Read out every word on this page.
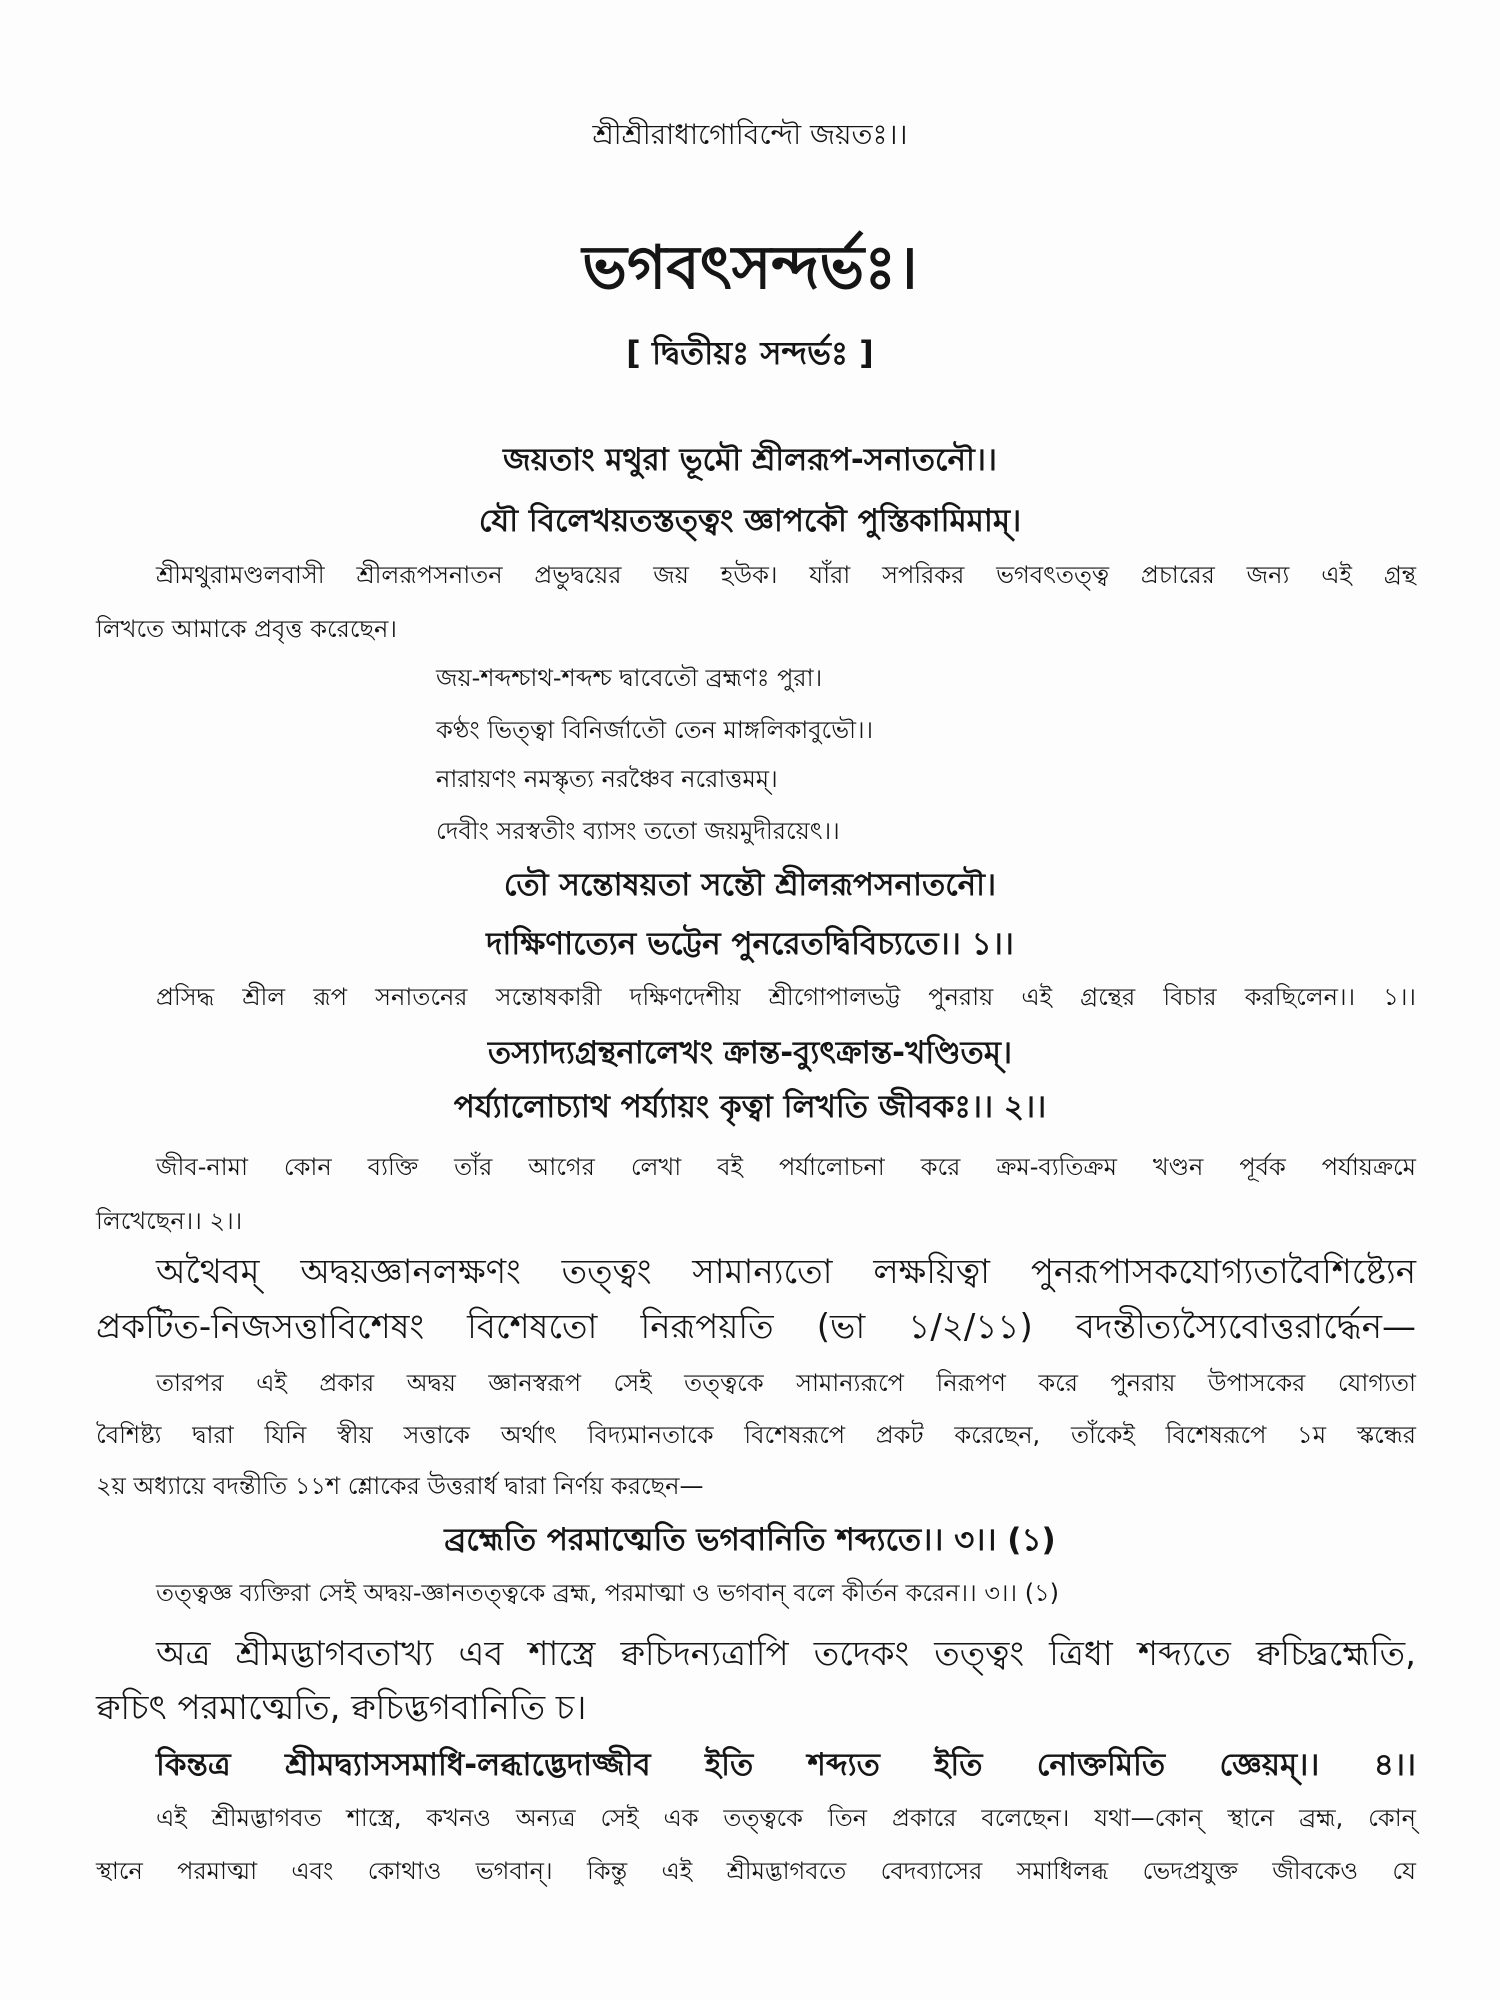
শ্রীশ্রীরাধাগোবিন্দৌ জয়তঃ।।
ভগবৎসন্দর্ভঃ।
[ দ্বিতীয়ঃ সন্দর্ভঃ ]
জয়তাং মথুরা ভূমৌ শ্রীলরূপ-সনাতনৌ।।
যৌ বিলেখয়তস্তত্ত্বং জ্ঞাপকৌ পুস্তিকামিমাম্।
শ্রীমথুরামণ্ডলবাসী শ্রীলরূপসনাতন প্রভুদ্বয়ের জয় হউক। যাঁরা সপরিকর ভগবৎতত্ত্ব প্রচারের জন্য এই গ্রন্থ
লিখতে আমাকে প্রবৃত্ত করেছেন।
জয়-শব্দশ্চাথ-শব্দশ্চ দ্বাবেতৌ ব্রহ্মণঃ পুরা।
কণ্ঠং ভিত্ত্বা বিনির্জাতৌ তেন মাঙ্গলিকাবুভৌ।।
নারায়ণং নমস্কৃত্য নরঞ্চৈব নরোত্তমম্।
দেবীং সরস্বতীং ব্যাসং ততো জয়মুদীরয়েৎ।।
তৌ সন্তোষয়তা সন্তৌ শ্রীলরূপসনাতনৌ।
দাক্ষিণাত্যেন ভট্টেন পুনরেতদ্বিবিচ্যতে।। ১।।
প্রসিদ্ধ শ্রীল রূপ সনাতনের সন্তোষকারী দক্ষিণদেশীয় শ্রীগোপালভট্ট পুনরায় এই গ্রন্থের বিচার করছিলেন।। ১।।
তস্যাদ্যগ্রন্থনালেখং ক্রান্ত-ব্যুৎক্রান্ত-খণ্ডিতম্।
পর্য্যালোচ্যাথ পর্য্যায়ং কৃত্বা লিখতি জীবকঃ।। ২।।
জীব-নামা কোন ব্যক্তি তাঁর আগের লেখা বই পর্যালোচনা করে ক্রম-ব্যতিক্রম খণ্ডন পূর্বক পর্যায়ক্রমে
লিখেছেন।। ২।।
অথৈবম্ অদ্বয়জ্ঞানলক্ষণং তত্ত্বং সামান্যতো লক্ষয়িত্বা পুনরূপাসকযোগ্যতাবৈশিষ্ট্যেন
প্রকটিত-নিজসত্তাবিশেষং বিশেষতো নিরূপয়তি (ভা ১/২/১১) বদন্তীত্যস্যৈবোত্তরার্দ্ধেন—
তারপর এই প্রকার অদ্বয় জ্ঞানস্বরূপ সেই তত্ত্বকে সামান্যরূপে নিরূপণ করে পুনরায় উপাসকের যোগ্যতা
বৈশিষ্ট্য দ্বারা যিনি স্বীয় সত্তাকে অর্থাৎ বিদ্যমানতাকে বিশেষরূপে প্রকট করেছেন, তাঁকেই বিশেষরূপে ১ম স্কন্ধের
২য় অধ্যায়ে বদন্তীতি ১১শ শ্লোকের উত্তরার্ধ দ্বারা নির্ণয় করছেন—
ব্রহ্মেতি পরমাত্মেতি ভগবানিতি শব্দ্যতে।। ৩।। (১)
তত্ত্বজ্ঞ ব্যক্তিরা সেই অদ্বয়-জ্ঞানতত্ত্বকে ব্রহ্ম, পরমাত্মা ও ভগবান্ বলে কীর্তন করেন।। ৩।। (১)
অত্র শ্রীমদ্ভাগবতাখ্য এব শাস্ত্রে ক্বচিদন্যত্রাপি তদেকং তত্ত্বং ত্রিধা শব্দ্যতে ক্বচিদ্ব্রহ্মেতি,
ক্বচিৎ পরমাত্মেতি, ক্বচিদ্ভগবানিতি চ।
কিন্তত্র শ্রীমদ্ব্যাসসমাধি-লব্ধাদ্ভেদাজ্জীব ইতি শব্দ্যত ইতি নোক্তমিতি জ্ঞেয়ম্।। ৪।।
এই শ্রীমদ্ভাগবত শাস্ত্রে, কখনও অন্যত্র সেই এক তত্ত্বকে তিন প্রকারে বলেছেন। যথা—কোন্ স্থানে ব্রহ্ম, কোন্
স্থানে পরমাত্মা এবং কোথাও ভগবান্। কিন্তু এই শ্রীমদ্ভাগবতে বেদব্যাসের সমাধিলব্ধ ভেদপ্রযুক্ত জীবকেও যে
